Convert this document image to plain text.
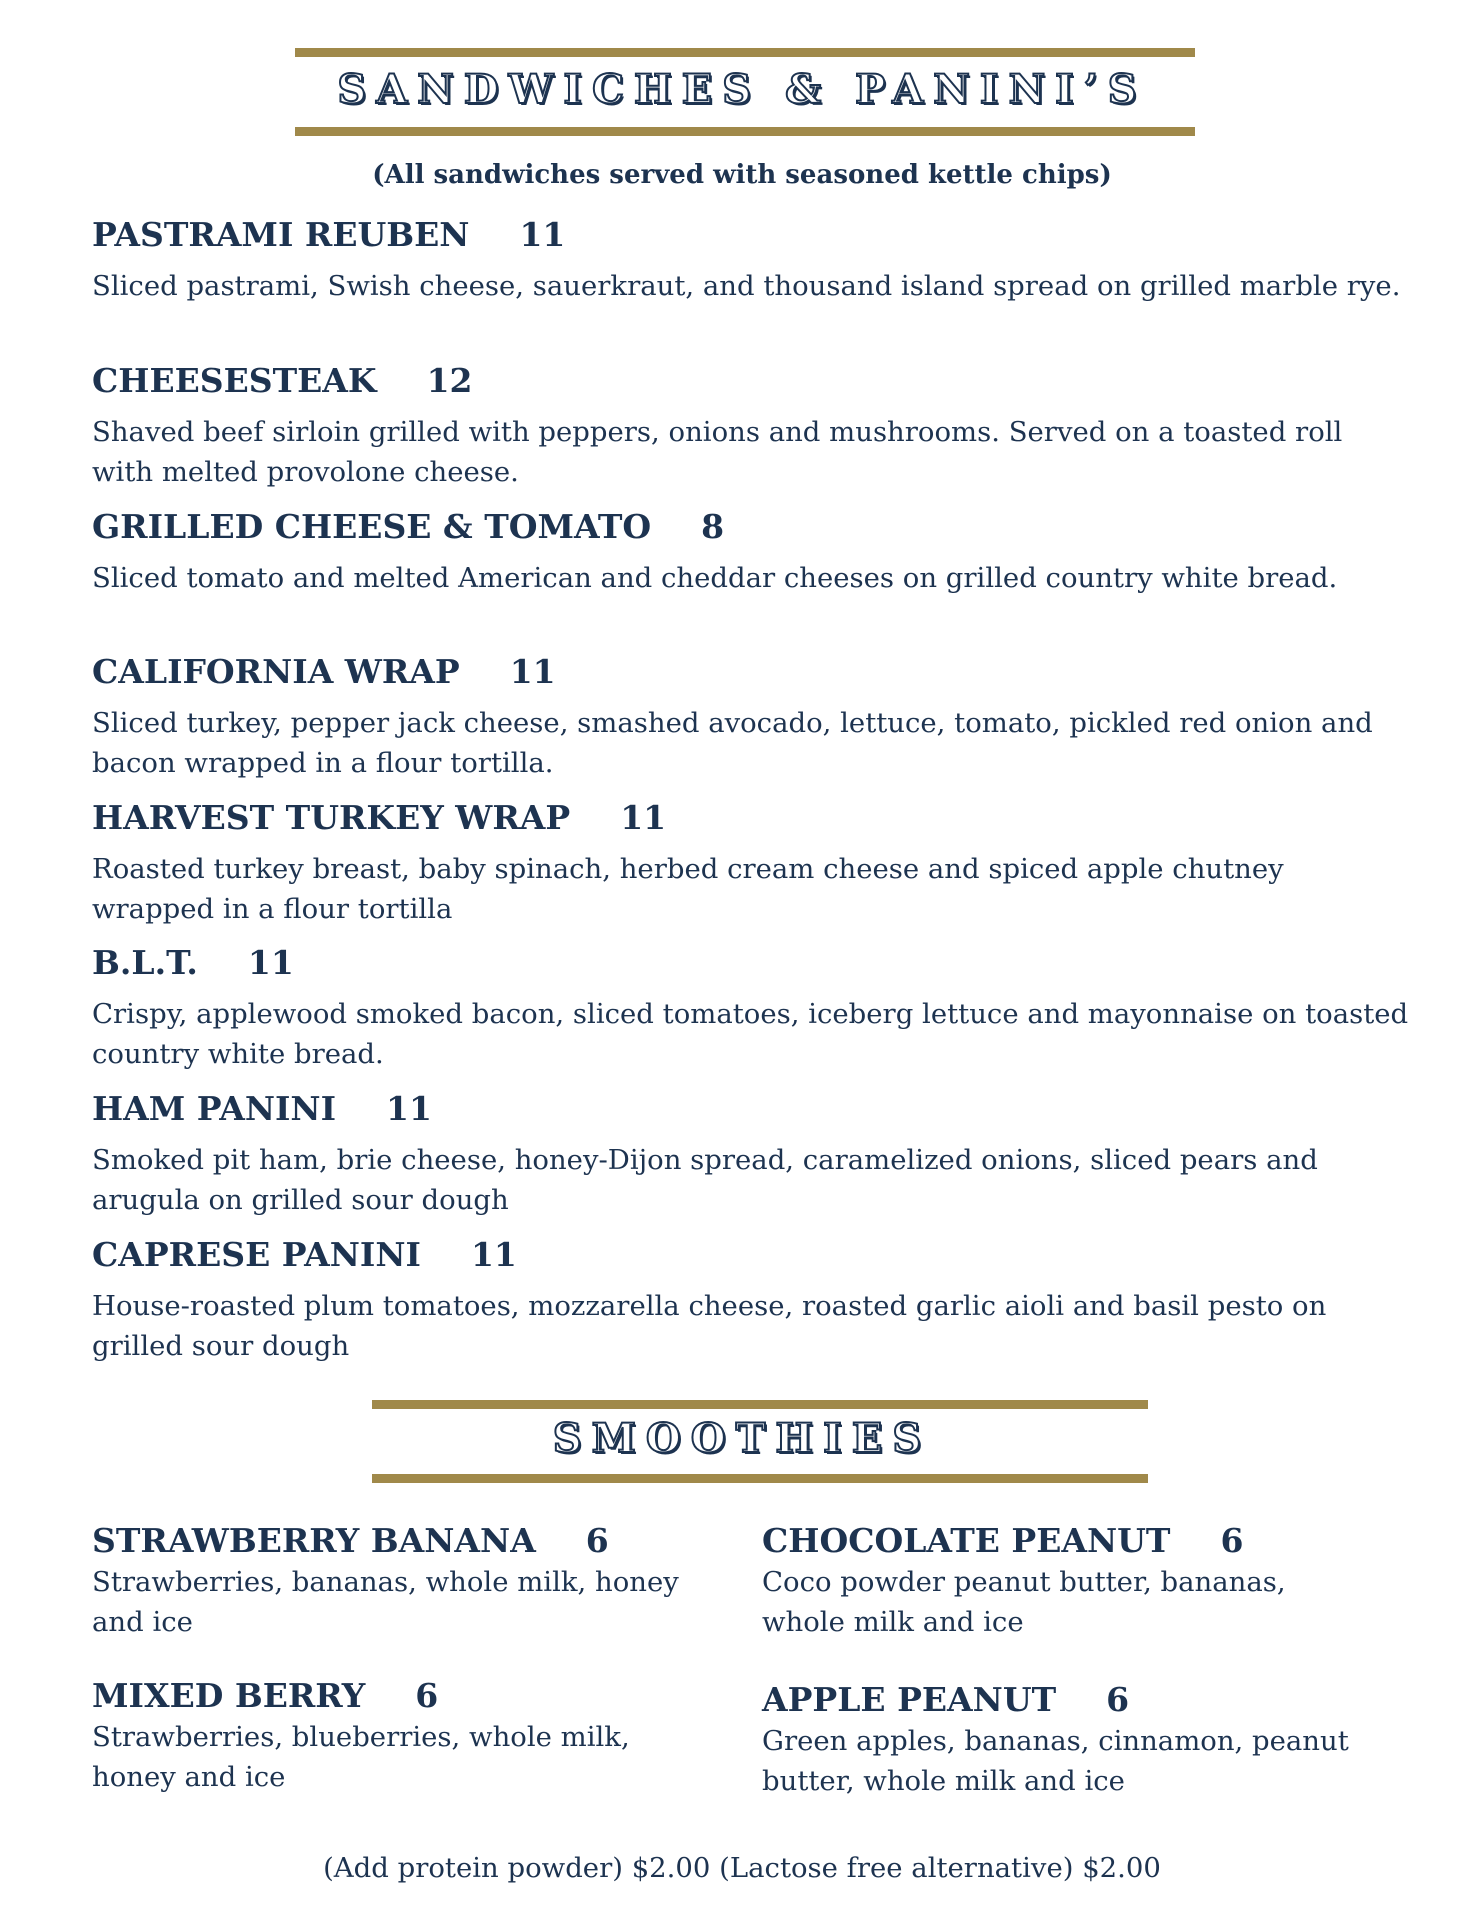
SANDWICHES & PANINI’S
(All sandwiches served with seasoned kettle chips)
PASTRAMI REUBEN 11
Sliced pastrami, Swish cheese, sauerkraut, and thousand island spread on grilled marble rye.
CHEESESTEAK 12
Shaved beef sirloin grilled with peppers, onions and mushrooms. Served on a toasted roll with melted provolone cheese.
GRILLED CHEESE & TOMATO 8
Sliced tomato and melted American and cheddar cheeses on grilled country white bread.
CALIFORNIA WRAP 11
Sliced turkey, pepper jack cheese, smashed avocado, lettuce, tomato, pickled red onion and bacon wrapped in a flour tortilla.
HARVEST TURKEY WRAP 11
Roasted turkey breast, baby spinach, herbed cream cheese and spiced apple chutney wrapped in a flour tortilla
B.L.T. 11
Crispy, applewood smoked bacon, sliced tomatoes, iceberg lettuce and mayonnaise on toasted country white bread.
HAM PANINI 11
Smoked pit ham, brie cheese, honey-Dijon spread, caramelized onions, sliced pears and arugula on grilled sour dough
CAPRESE PANINI 11
House-roasted plum tomatoes, mozzarella cheese, roasted garlic aioli and basil pesto on grilled sour dough
SMOOTHIES
STRAWBERRY BANANA 6
Strawberries, bananas, whole milk, honey and ice
CHOCOLATE PEANUT 6
Coco powder peanut butter, bananas, whole milk and ice
MIXED BERRY 6
Strawberries, blueberries, whole milk, honey and ice
APPLE PEANUT 6
Green apples, bananas, cinnamon, peanut butter, whole milk and ice
(Add protein powder) $2.00 (Lactose free alternative) $2.00
